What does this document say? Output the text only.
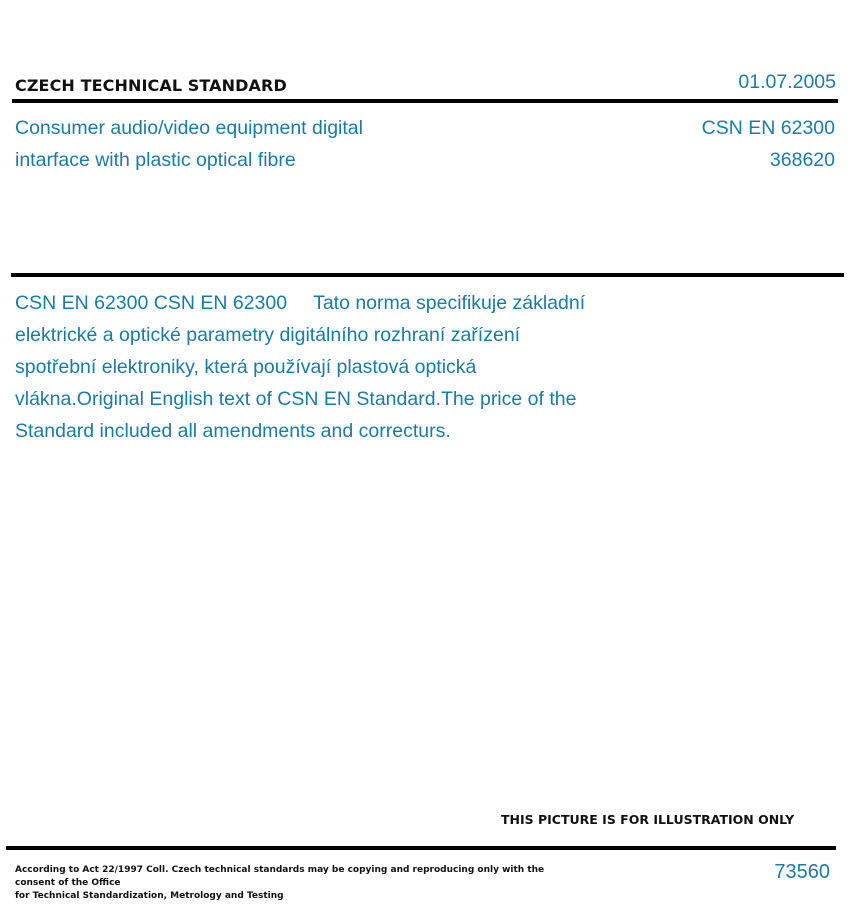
CZECH TECHNICAL STANDARD	01.07.2005
Consumer audio/video equipment digital
intarface with plastic optical fibre
CSN EN 62300
368620
CSN EN 62300 CSN EN 62300 Tato norma specifikuje základní
elektrické a optické parametry digitálního rozhraní zařízení
spotřební elektroniky, která používají plastová optická
vlákna.Original English text of CSN EN Standard.The price of the
Standard included all amendments and correcturs.
THIS PICTURE IS FOR ILLUSTRATION ONLY
According to Act 22/1997 Coll. Czech technical standards may be copying and reproducing only with the consent of the Office
for Technical Standardization, Metrology and Testing
73560
